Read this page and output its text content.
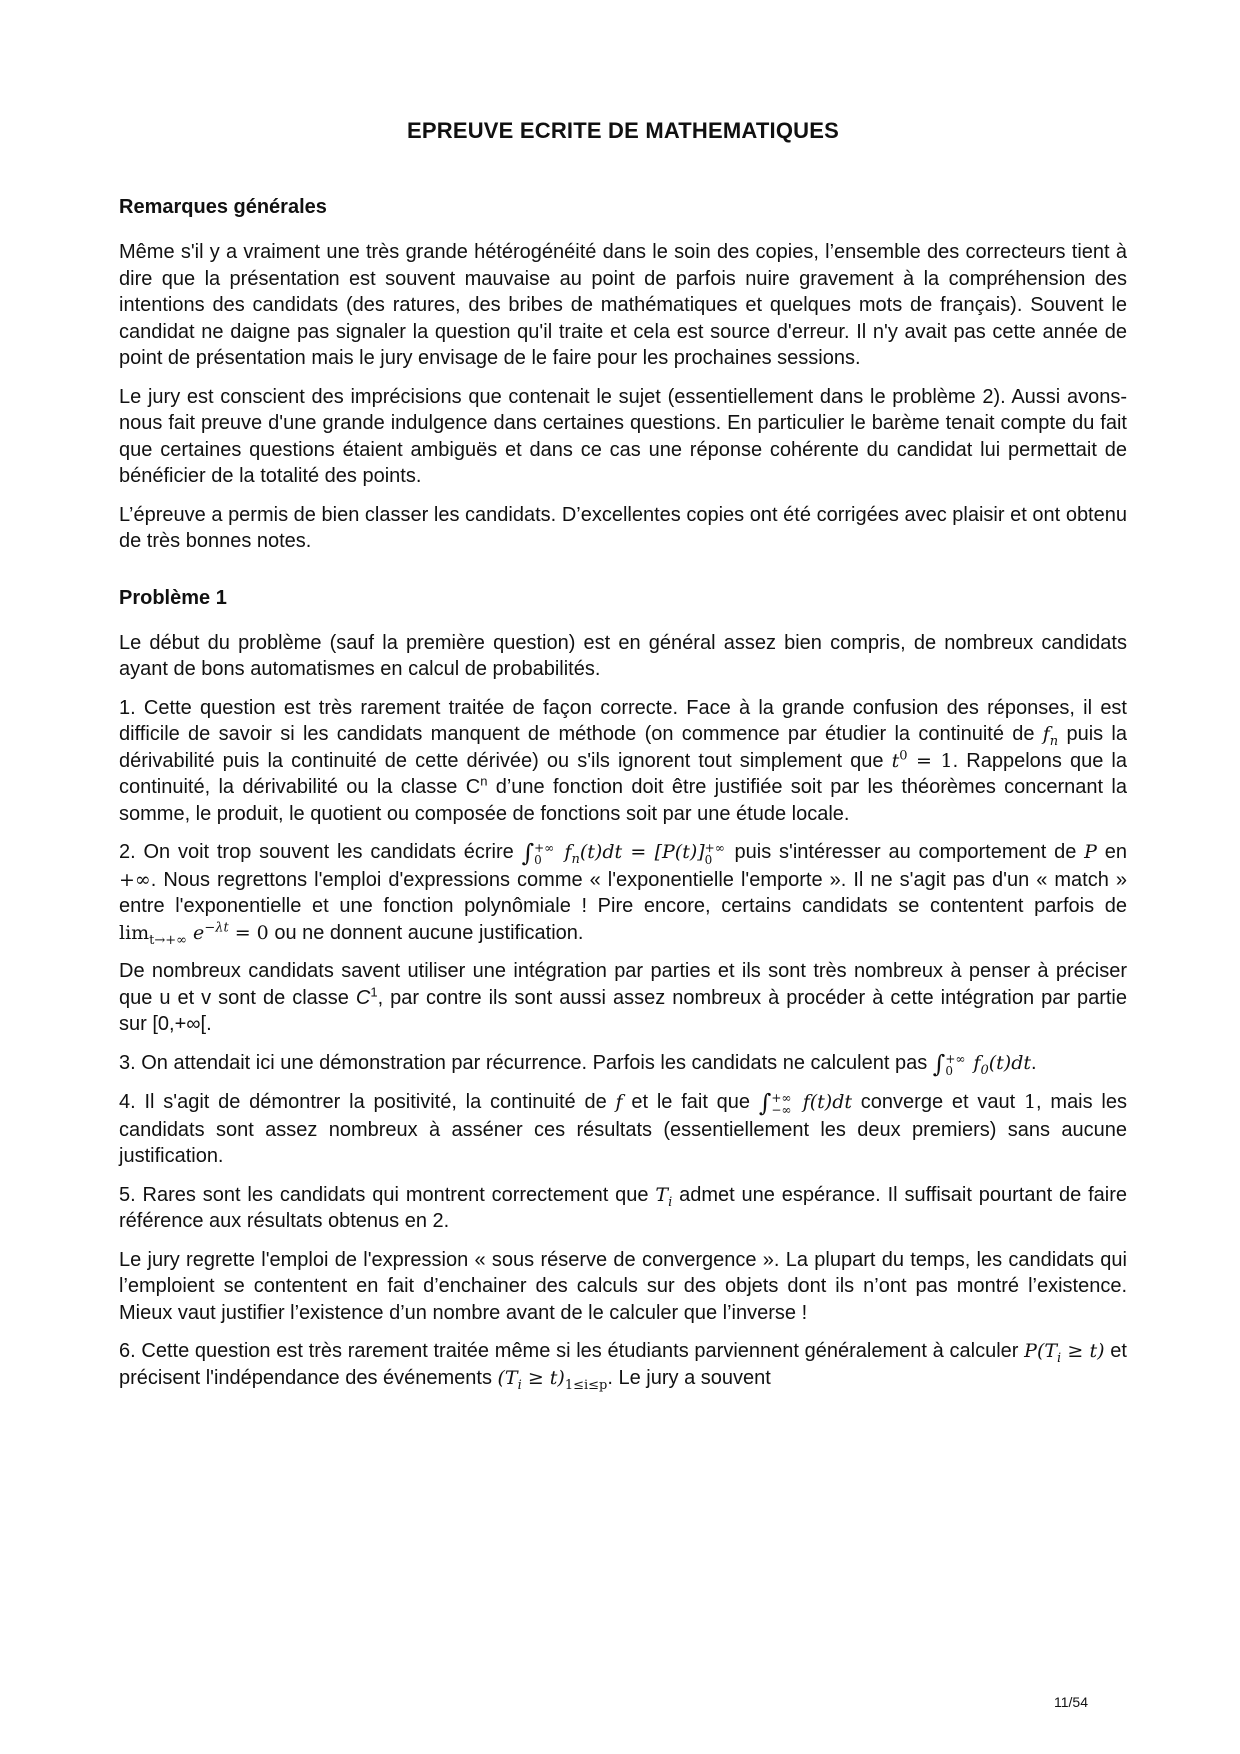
EPREUVE ECRITE DE MATHEMATIQUES
Remarques générales

Même s'il y a vraiment une très grande hétérogénéité dans le soin des copies, l’ensemble des correcteurs tient à dire que la présentation est souvent mauvaise au point de parfois nuire gravement à la compréhension des intentions des candidats (des ratures, des bribes de mathématiques et quelques mots de français). Souvent le candidat ne daigne pas signaler la question qu'il traite et cela est source d'erreur. Il n'y avait pas cette année de point de présentation mais le jury envisage de le faire pour les prochaines sessions.

Le jury est conscient des imprécisions que contenait le sujet (essentiellement dans le problème 2). Aussi avons-nous fait preuve d'une grande indulgence dans certaines questions. En particulier le barème tenait compte du fait que certaines questions étaient ambiguës et dans ce cas une réponse cohérente du candidat lui permettait de bénéficier de la totalité des points.

L’épreuve a permis de bien classer les candidats. D’excellentes copies ont été corrigées avec plaisir et ont obtenu de très bonnes notes.

Problème 1

Le début du problème (sauf la première question) est en général assez bien compris, de nombreux candidats ayant de bons automatismes en calcul de probabilités.

1. Cette question est très rarement traitée de façon correcte. Face à la grande confusion des réponses, il est difficile de savoir si les candidats manquent de méthode (on commence par étudier la continuité de $f_n$ puis la dérivabilité puis la continuité de cette dérivée) ou s'ils ignorent tout simplement que $t^0 = 1$. Rappelons que la continuité, la dérivabilité ou la classe $C^n$ d’une fonction doit être justifiée soit par les théorèmes concernant la somme, le produit, le quotient ou composée de fonctions soit par une étude locale.

2. On voit trop souvent les candidats écrire ∫ +∞
0 $f_n(t)dt = [P(t)]$ +∞
0 puis s'intéresser au comportement de P en +∞. Nous regrettons l'emploi d'expressions comme « l'exponentielle l'emporte ». Il ne s'agit pas d'un « match » entre l'exponentielle et une fonction polynômiale ! Pire encore, certains candidats se contentent parfois de $\lim_{t\to+\infty} e^{-\lambda t} = 0$ ou ne donnent aucune justification.

De nombreux candidats savent utiliser une intégration par parties et ils sont très nombreux à penser à préciser que u et v sont de classe $C^1$, par contre ils sont aussi assez nombreux à procéder à cette intégration par partie sur [0,+∞[.

3. On attendait ici une démonstration par récurrence. Parfois les candidats ne calculent pas ∫ +∞
0 $f_0(t)dt$.

4. Il s'agit de démontrer la positivité, la continuité de f et le fait que ∫ +∞
−∞ f(t)dt converge et vaut 1, mais les candidats sont assez nombreux à asséner ces résultats (essentiellement les deux premiers) sans aucune justification.

5. Rares sont les candidats qui montrent correctement que $T_i$ admet une espérance. Il suffisait pourtant de faire référence aux résultats obtenus en 2.

Le jury regrette l'emploi de l'expression « sous réserve de convergence ». La plupart du temps, les candidats qui l’emploient se contentent en fait d’enchainer des calculs sur des objets dont ils n’ont pas montré l’existence. Mieux vaut justifier l’existence d’un nombre avant de le calculer que l’inverse !

6. Cette question est très rarement traitée même si les étudiants parviennent généralement à calculer $P(T_i \ge t)$ et précisent l'indépendance des événements $(T_i \ge t)_{1\le i\le p}$. Le jury a souvent

11/54
